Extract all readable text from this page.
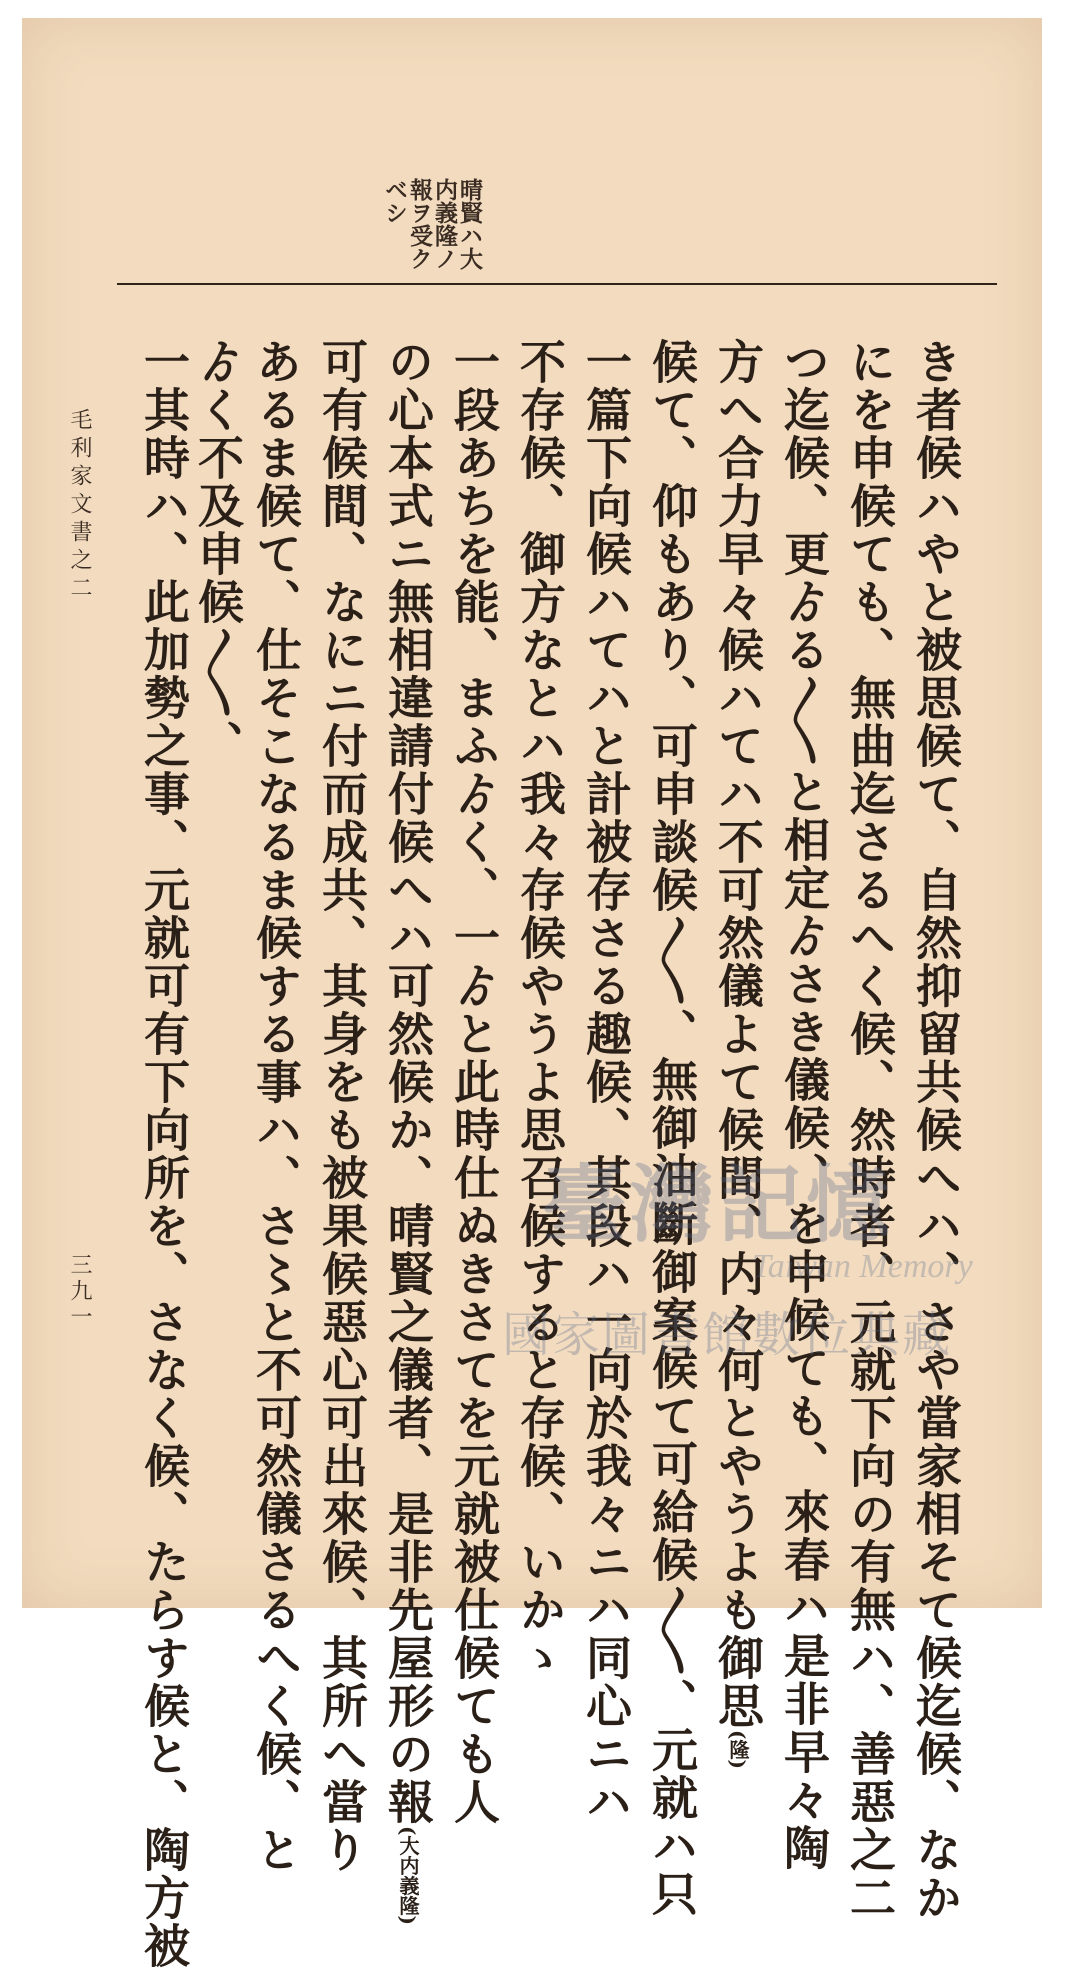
晴賢ハ大
内義隆ノ
報ヲ受ク
ベシ
き者候ハやと被思候て、自然抑留共候へハ、さや當家相そて候迄候、なか
にを申候ても、無曲迄さるへく候、然時者、元就下向の有無ハ、善惡之二
つ迄候、更ゟる〳〵と相定ゟさき儀候、を申候ても、來春ハ是非早々陶
方へ合力早々候ハてハ不可然儀よて候間、内々何とやうよも御思(隆)
候て、仰もあり、可申談候〳〵、無御油斷御案候て可給候〳〵、元就ハ只
一篇下向候ハてハと計被存さる趣候、其段ハ一向於我々ニハ同心ニハ
不存候、御方なとハ我々存候やうよ思召候すると存候、いかゝ
一段あちを能、まふゟく、一ゟと此時仕ぬきさてを元就被仕候ても人
の心本式ニ無相違請付候へハ可然候か、晴賢之儀者、是非先屋形の報(大内義隆)
可有候間、なにニ付而成共、其身をも被果候惡心可出來候、其所へ當り
あるま候て、仕そこなるま候する事ハ、さ〻と不可然儀さるへく候、と
ゟく不及申候〳〵、
一其時ハ、此加勢之事、元就可有下向所を、さなく候、たらす候と、陶方被
毛利家文書之二
三九一
臺灣記憶
Taiwan Memory
國家圖書館數位典藏
